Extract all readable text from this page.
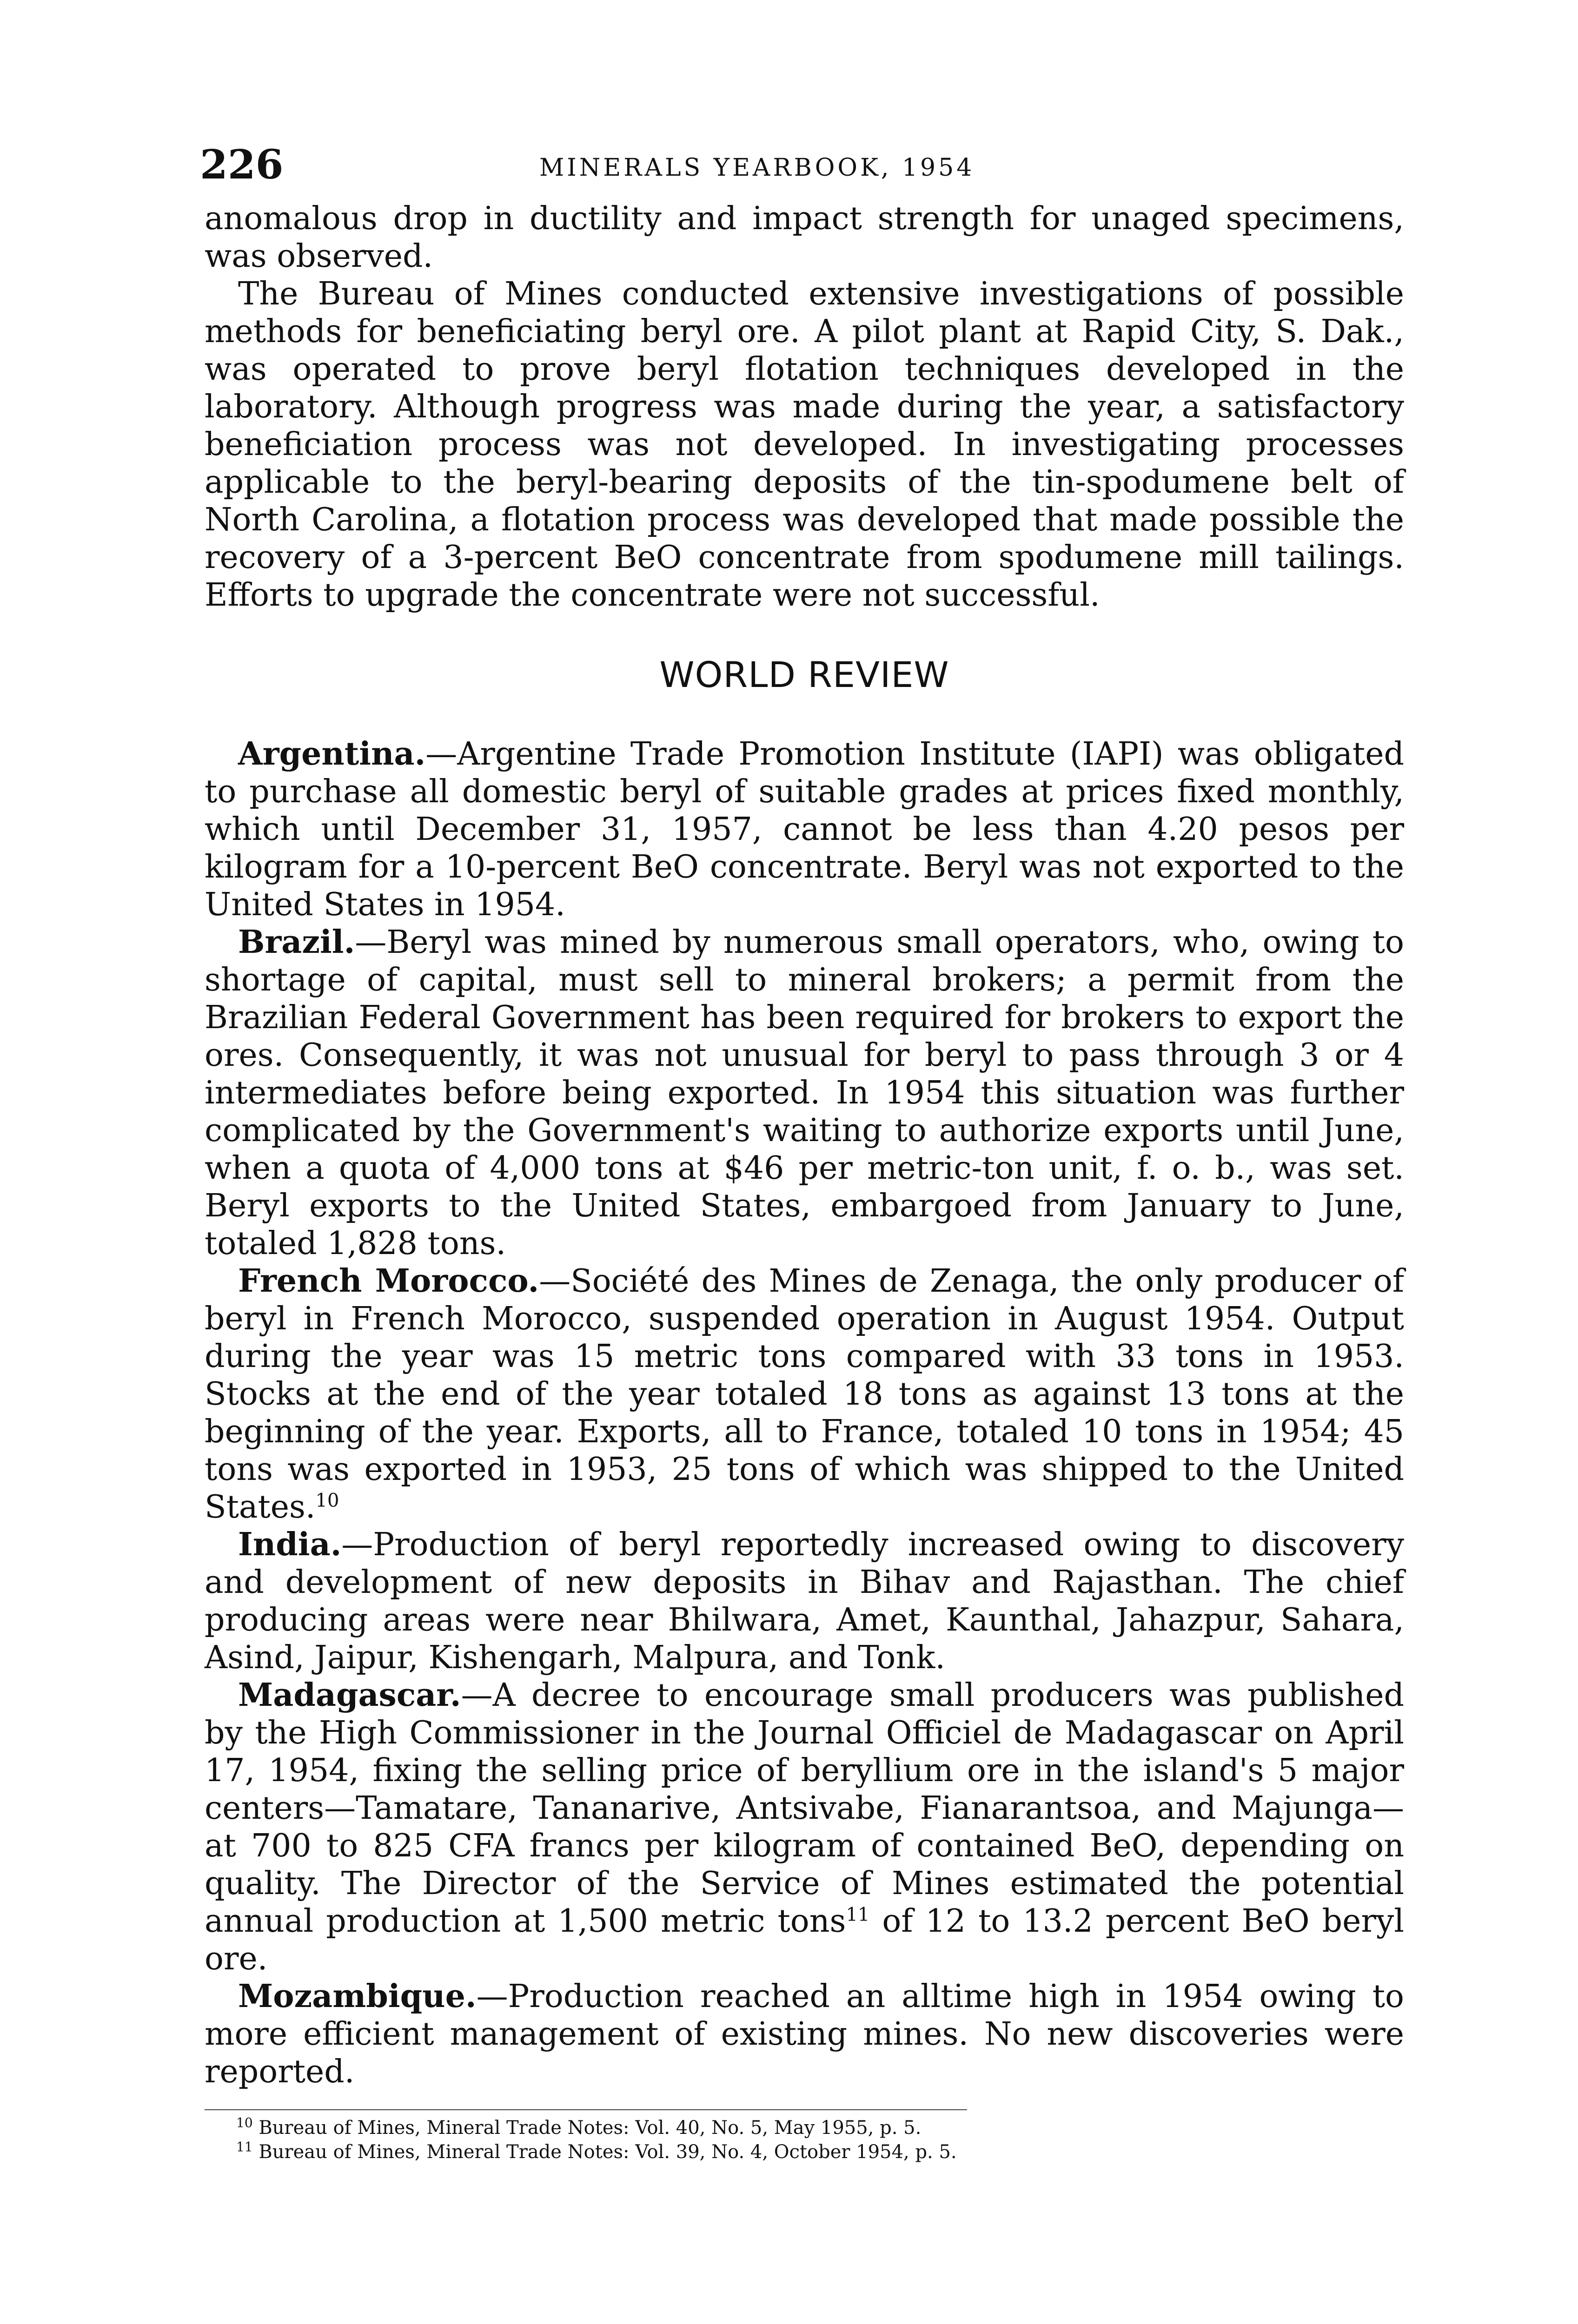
226	MINERALS YEARBOOK, 1954

anomalous drop in ductility and impact strength for unaged specimens, was observed.

The Bureau of Mines conducted extensive investigations of possible methods for beneficiating beryl ore. A pilot plant at Rapid City, S. Dak., was operated to prove beryl flotation techniques developed in the laboratory. Although progress was made during the year, a satisfactory beneficiation process was not developed. In investigating processes applicable to the beryl-bearing deposits of the tin-spodumene belt of North Carolina, a flotation process was developed that made possible the recovery of a 3-percent BeO concentrate from spodumene mill tailings. Efforts to upgrade the concentrate were not successful.

WORLD REVIEW

Argentina.—Argentine Trade Promotion Institute (IAPI) was obligated to purchase all domestic beryl of suitable grades at prices fixed monthly, which until December 31, 1957, cannot be less than 4.20 pesos per kilogram for a 10-percent BeO concentrate. Beryl was not exported to the United States in 1954.

Brazil.—Beryl was mined by numerous small operators, who, owing to shortage of capital, must sell to mineral brokers; a permit from the Brazilian Federal Government has been required for brokers to export the ores. Consequently, it was not unusual for beryl to pass through 3 or 4 intermediates before being exported. In 1954 this situation was further complicated by the Government's waiting to authorize exports until June, when a quota of 4,000 tons at $46 per metric-ton unit, f. o. b., was set. Beryl exports to the United States, embargoed from January to June, totaled 1,828 tons.

French Morocco.—Société des Mines de Zenaga, the only producer of beryl in French Morocco, suspended operation in August 1954. Output during the year was 15 metric tons compared with 33 tons in 1953. Stocks at the end of the year totaled 18 tons as against 13 tons at the beginning of the year. Exports, all to France, totaled 10 tons in 1954; 45 tons was exported in 1953, 25 tons of which was shipped to the United States.$^{10}$

India.—Production of beryl reportedly increased owing to discovery and development of new deposits in Bihav and Rajasthan. The chief producing areas were near Bhilwara, Amet, Kaunthal, Jahazpur, Sahara, Asind, Jaipur, Kishengarh, Malpura, and Tonk.

Madagascar.—A decree to encourage small producers was published by the High Commissioner in the Journal Officiel de Madagascar on April 17, 1954, fixing the selling price of beryllium ore in the island's 5 major centers—Tamatare, Tananarive, Antsivabe, Fianarantsoa, and Majunga—at 700 to 825 CFA francs per kilogram of contained BeO, depending on quality. The Director of the Service of Mines estimated the potential annual production at 1,500 metric tons$^{11}$ of 12 to 13.2 percent BeO beryl ore.

Mozambique.—Production reached an alltime high in 1954 owing to more efficient management of existing mines. No new discoveries were reported.

$^{10}$ Bureau of Mines, Mineral Trade Notes: Vol. 40, No. 5, May 1955, p. 5.

$^{11}$ Bureau of Mines, Mineral Trade Notes: Vol. 39, No. 4, October 1954, p. 5.
